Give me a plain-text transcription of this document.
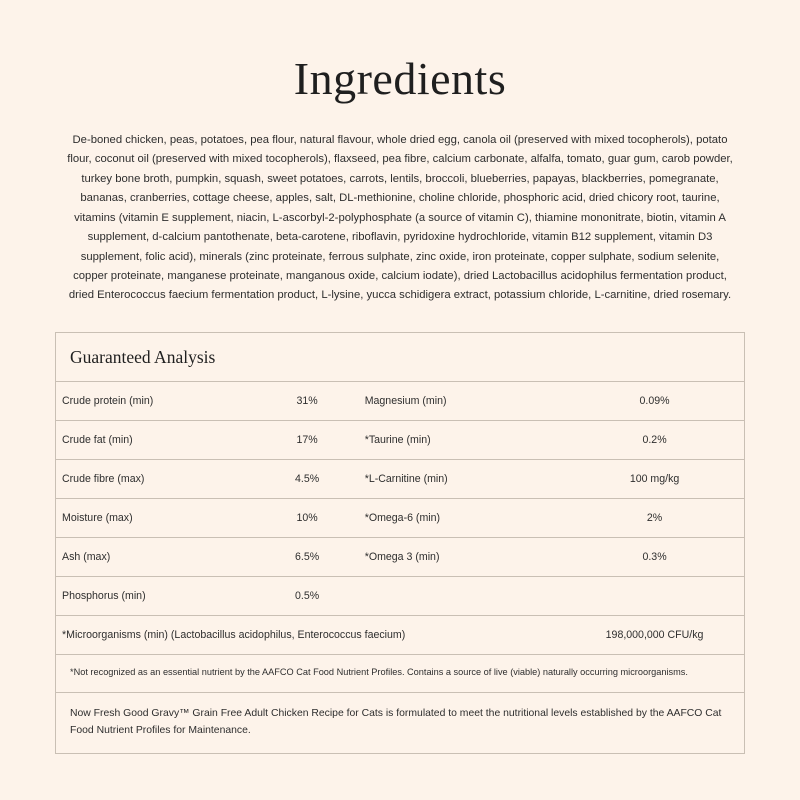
Ingredients
De-boned chicken, peas, potatoes, pea flour, natural flavour, whole dried egg, canola oil (preserved with mixed tocopherols), potato flour, coconut oil (preserved with mixed tocopherols), flaxseed, pea fibre, calcium carbonate, alfalfa, tomato, guar gum, carob powder, turkey bone broth, pumpkin, squash, sweet potatoes, carrots, lentils, broccoli, blueberries, papayas, blackberries, pomegranate, bananas, cranberries, cottage cheese, apples, salt, DL-methionine, choline chloride, phosphoric acid, dried chicory root, taurine, vitamins (vitamin E supplement, niacin, L-ascorbyl-2-polyphosphate (a source of vitamin C), thiamine mononitrate, biotin, vitamin A supplement, d-calcium pantothenate, beta-carotene, riboflavin, pyridoxine hydrochloride, vitamin B12 supplement, vitamin D3 supplement, folic acid), minerals (zinc proteinate, ferrous sulphate, zinc oxide, iron proteinate, copper sulphate, sodium selenite, copper proteinate, manganese proteinate, manganous oxide, calcium iodate), dried Lactobacillus acidophilus fermentation product, dried Enterococcus faecium fermentation product, L-lysine, yucca schidigera extract, potassium chloride, L-carnitine, dried rosemary.
Guaranteed Analysis
Crude protein (min)	31%	Magnesium (min)	0.09%
Crude fat (min)	17%	*Taurine (min)	0.2%
Crude fibre (max)	4.5%	*L-Carnitine (min)	100 mg/kg
Moisture (max)	10%	*Omega-6 (min)	2%
Ash (max)	6.5%	*Omega 3 (min)	0.3%
Phosphorus (min)	0.5%		
*Microorganisms (min) (Lactobacillus acidophilus, Enterococcus faecium)			198,000,000 CFU/kg
*Not recognized as an essential nutrient by the AAFCO Cat Food Nutrient Profiles. Contains a source of live (viable) naturally occurring microorganisms.
Now Fresh Good Gravy™ Grain Free Adult Chicken Recipe for Cats is formulated to meet the nutritional levels established by the AAFCO Cat Food Nutrient Profiles for Maintenance.
